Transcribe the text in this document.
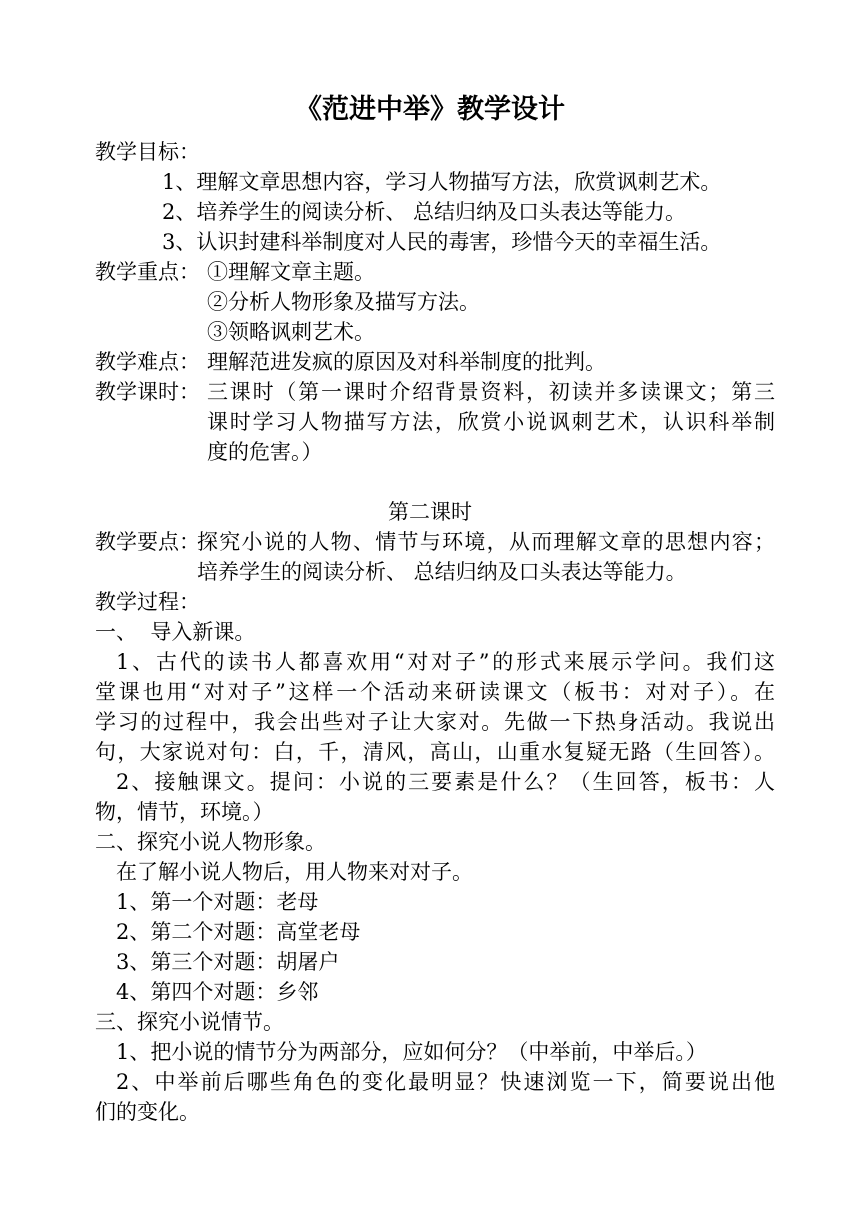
《范进中举》教学设计
教学目标：
1、理解文章思想内容，学习人物描写方法，欣赏讽刺艺术。
2、培养学生的阅读分析、 总结归纳及口头表达等能力。
3、认识封建科举制度对人民的毒害，珍惜今天的幸福生活。
教学重点： ①理解文章主题。
②分析人物形象及描写方法。
③领略讽刺艺术。
教学难点： 理解范进发疯的原因及对科举制度的批判。
教学课时： 三课时（第一课时介绍背景资料，初读并多读课文；第三
课时学习人物描写方法，欣赏小说讽刺艺术，认识科举制
度的危害。）
第二课时
教学要点：
探究小说的人物、情节与环境，从而理解文章的思想内容；
培养学生的阅读分析、 总结归纳及口头表达等能力。
教学过程：
一、  导入新课。
1、古代的读书人都喜欢用“对对子”的形式来展示学问。我们这
堂课也用“对对子”这样一个活动来研读课文（板书：对对子）。在
学习的过程中，我会出些对子让大家对。先做一下热身活动。我说出
句，大家说对句：白，千，清风，高山，山重水复疑无路（生回答）。
2、接触课文。提问：小说的三要素是什么？（生回答，板书：人
物，情节，环境。）
二、探究小说人物形象。
在了解小说人物后，用人物来对对子。
1、第一个对题：老母
2、第二个对题：高堂老母
3、第三个对题：胡屠户
4、第四个对题：乡邻
三、探究小说情节。
1、把小说的情节分为两部分，应如何分？（中举前，中举后。）
2、中举前后哪些角色的变化最明显？快速浏览一下，简要说出他
们的变化。
